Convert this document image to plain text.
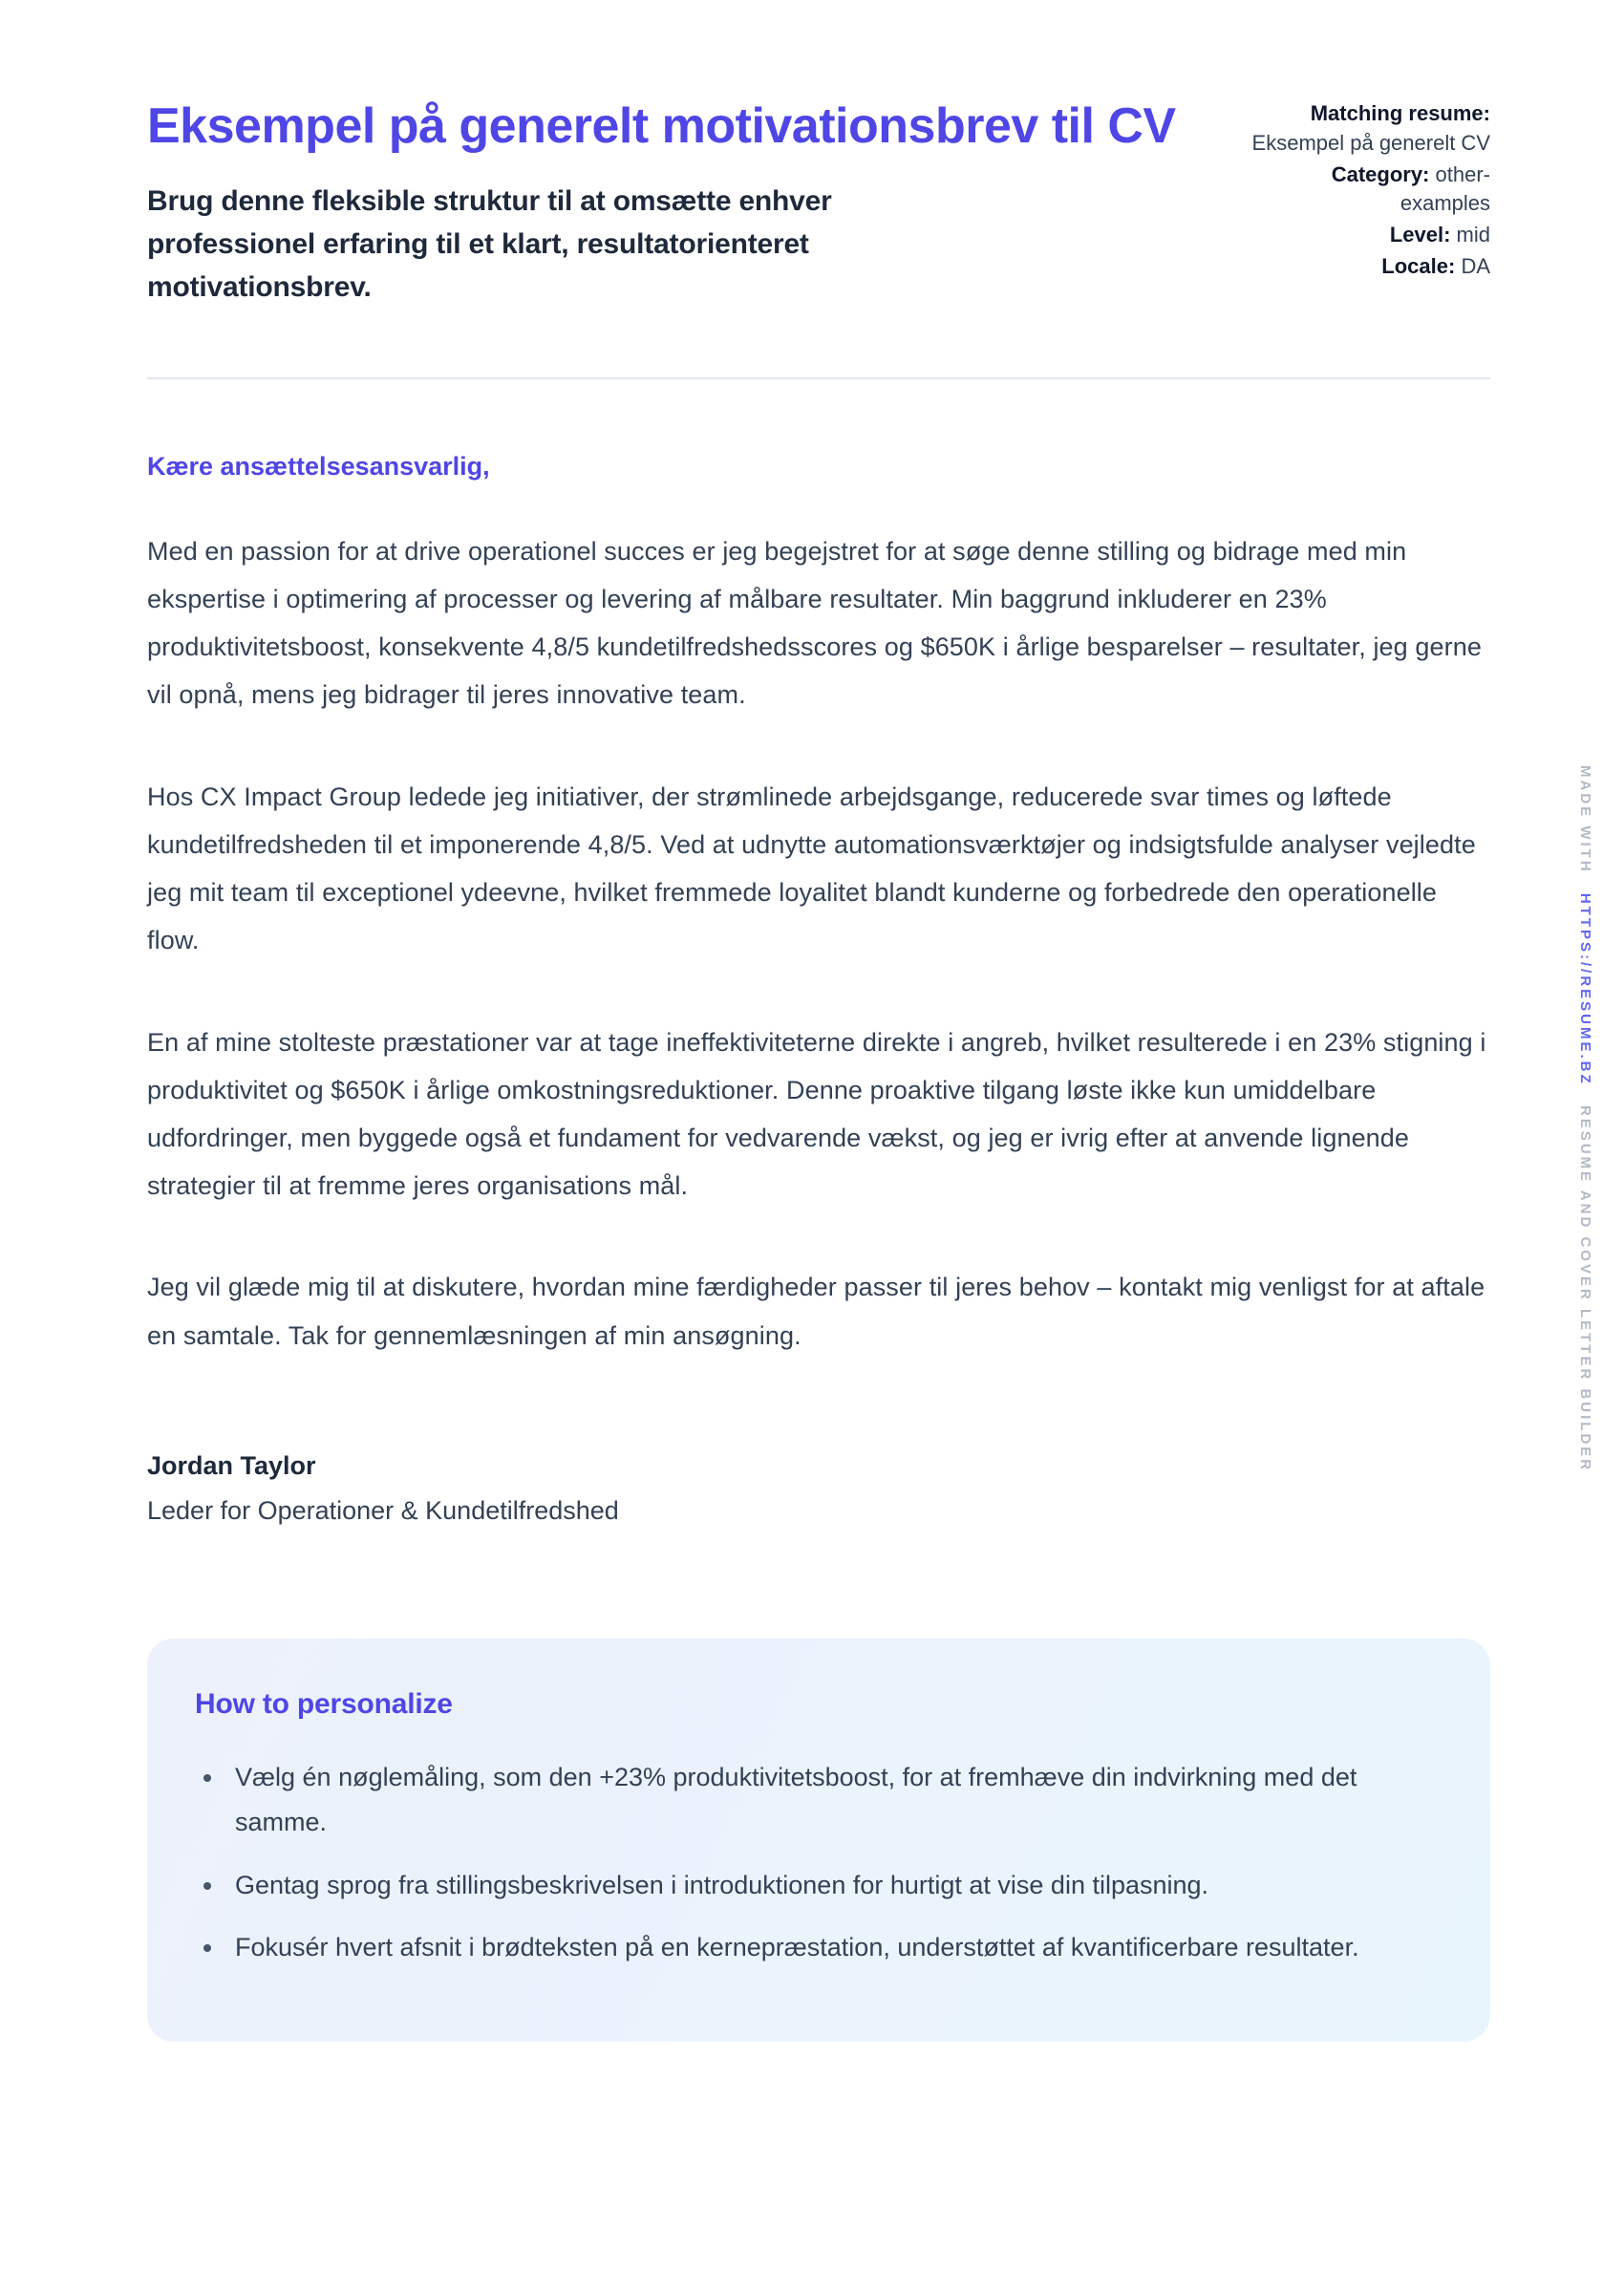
Eksempel på generelt motivationsbrev til CV

Brug denne fleksible struktur til at omsætte enhver professionel erfaring til et klart, resultatorienteret motivationsbrev.

Matching resume: Eksempel på generelt CV
Category: other-examples
Level: mid
Locale: DA

Kære ansættelsesansvarlig,

Med en passion for at drive operationel succes er jeg begejstret for at søge denne stilling og bidrage med min ekspertise i optimering af processer og levering af målbare resultater. Min baggrund inkluderer en 23% produktivitetsboost, konsekvente 4,8/5 kundetilfredshedsscores og $650K i årlige besparelser – resultater, jeg gerne vil opnå, mens jeg bidrager til jeres innovative team.

Hos CX Impact Group ledede jeg initiativer, der strømlinede arbejdsgange, reducerede svar times og løftede kundetilfredsheden til et imponerende 4,8/5. Ved at udnytte automationsværktøjer og indsigtsfulde analyser vejledte jeg mit team til exceptionel ydeevne, hvilket fremmede loyalitet blandt kunderne og forbedrede den operationelle flow.

En af mine stolteste præstationer var at tage ineffektiviteterne direkte i angreb, hvilket resulterede i en 23% stigning i produktivitet og $650K i årlige omkostningsreduktioner. Denne proaktive tilgang løste ikke kun umiddelbare udfordringer, men byggede også et fundament for vedvarende vækst, og jeg er ivrig efter at anvende lignende strategier til at fremme jeres organisations mål.

Jeg vil glæde mig til at diskutere, hvordan mine færdigheder passer til jeres behov – kontakt mig venligst for at aftale en samtale. Tak for gennemlæsningen af min ansøgning.

Jordan Taylor

Leder for Operationer & Kundetilfredshed

How to personalize
• Vælg én nøglemåling, som den +23% produktivitetsboost, for at fremhæve din indvirkning med det samme.
• Gentag sprog fra stillingsbeskrivelsen i introduktionen for hurtigt at vise din tilpasning.
• Fokusér hvert afsnit i brødteksten på en kernepræstation, understøttet af kvantificerbare resultater.
MADE WITH HTTPS://RESUME.BZ RESUME AND COVER LETTER BUILDER
